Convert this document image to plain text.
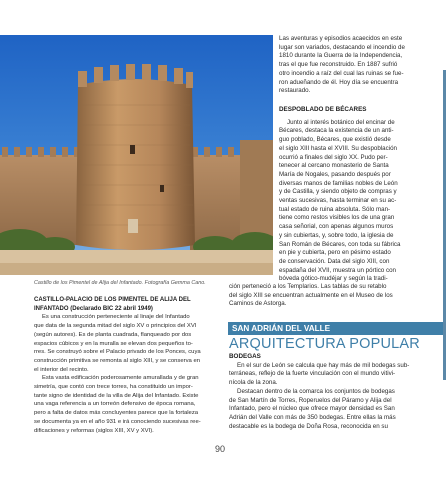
Castillo de los Pimentel de Alija del Infantado. Fotografía Gemma Cano.

Las aventuras y episodios acaecidos en este

lugar son variados, destacando el incendio de

1810 durante la Guerra de la Independencia,

tras el que fue reconstruido. En 1887 sufrió

otro incendio a raíz del cual las ruinas se fue-

ron adueñando de él. Hoy día se encuentra

restaurado.

DESPOBLADO DE BÉCARES

Junto al interés botánico del encinar de

Bécares, destaca la existencia de un anti-

guo poblado, Bécares, que existió desde

el siglo XIII hasta el XVIII. Su despoblación

ocurrió a finales del siglo XX. Pudo per-

tenecer al cercano monasterio de Santa

María de Nogales, pasando después por

diversas manos de familias nobles de León

y de Castilla, y siendo objeto de compras y

ventas sucesivas, hasta terminar en su ac-

tual estado de ruina absoluta. Sólo man-

tiene como restos visibles los de una gran

casa señorial, con apenas algunos muros

y sin cubiertas, y, sobre todo, la iglesia de

San Román de Bécares, con toda su fábrica

en pie y cubierta, pero en pésimo estado

de conservación. Data del siglo XIII, con

espadaña del XVII, muestra un pórtico con

bóveda gótico-mudéjar y según la tradi-

ción perteneció a los Templarios. Las tablas de su retablo

del siglo XIII se encuentran actualmente en el Museo de los

Caminos de Astorga.

CASTILLO-PALACIO DE LOS PIMENTEL DE ALIJA DEL

INFANTADO (Declarado BIC 22 abril 1949)

Es una construcción perteneciente al linaje del Infantado

que data de la segunda mitad del siglo XV o principios del XVI

(según autores). Es de planta cuadrada, flanqueado por dos

espacios cúbicos y en la muralla se elevan dos pequeños to-

rres. Se construyó sobre el Palacio privado de los Ponces, cuya

construcción primitiva se remonta al siglo XIII, y se conserva en

el interior del recinto.

Esta vasta edificación poderosamente amurallada y de gran

simetría, que contó con trece torres, ha constituido un impor-

tante signo de identidad de la villa de Alija del Infantado. Existe

una vaga referencia a un torreón defensivo de época romana,

pero a falta de datos más concluyentes parece que la fortaleza

se documenta ya en el año 931 e irá conociendo sucesivas ree-

dificaciones y reformas (siglos XIII, XV y XVI).

SAN ADRIÁN DEL VALLE
ARQUITECTURA POPULAR

BODEGAS

En el sur de León se calcula que hay más de mil bodegas sub-

terráneas, reflejo de la fuerte vinculación con el mundo vitivi-

nícola de la zona.

Destacan dentro de la comarca los conjuntos de bodegas

de San Martín de Torres, Roperuelos del Páramo y Alija del

Infantado, pero el núcleo que ofrece mayor densidad es San

Adrián del Valle con más de 350 bodegas. Entre ellas la más

destacable es la bodega de Doña Rosa, reconocida en su

90
